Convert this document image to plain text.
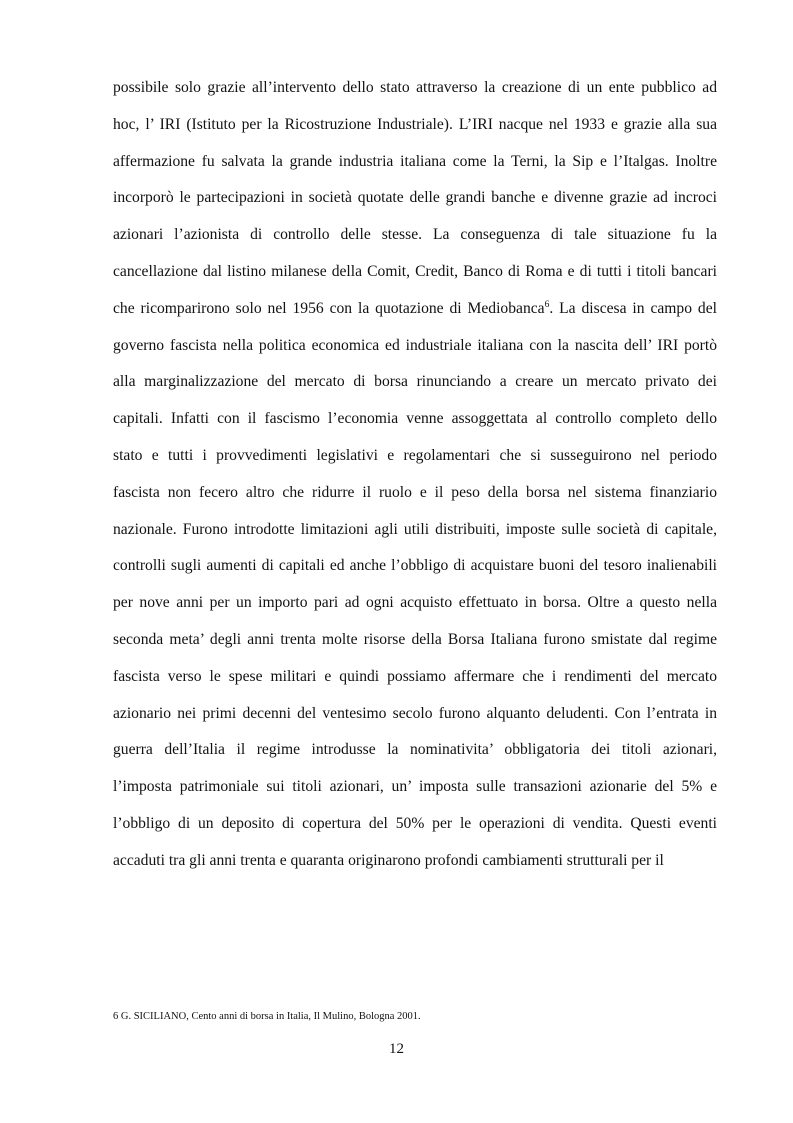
possibile solo grazie all’intervento dello stato attraverso la creazione di un ente pubblico ad
hoc, l’ IRI (Istituto per la Ricostruzione Industriale). L’IRI nacque nel 1933 e grazie alla sua
affermazione fu salvata la grande industria italiana come la Terni, la Sip e l’Italgas. Inoltre
incorporò le partecipazioni in società quotate delle grandi banche e divenne grazie ad incroci
azionari l’azionista di controllo delle stesse. La conseguenza di tale situazione fu la
cancellazione dal listino milanese della Comit, Credit, Banco di Roma e di tutti i titoli bancari
che ricomparirono solo nel 1956 con la quotazione di Mediobanca$^6$. La discesa in campo del
governo fascista nella politica economica ed industriale italiana con la nascita dell’ IRI portò
alla marginalizzazione del mercato di borsa rinunciando a creare un mercato privato dei
capitali. Infatti con il fascismo l’economia venne assoggettata al controllo completo dello
stato e tutti i provvedimenti legislativi e regolamentari che si susseguirono nel periodo
fascista non fecero altro che ridurre il ruolo e il peso della borsa nel sistema finanziario
nazionale. Furono introdotte limitazioni agli utili distribuiti, imposte sulle società di capitale,
controlli sugli aumenti di capitali ed anche l’obbligo di acquistare buoni del tesoro inalienabili
per nove anni per un importo pari ad ogni acquisto effettuato in borsa. Oltre a questo nella
seconda meta’ degli anni trenta molte risorse della Borsa Italiana furono smistate dal regime
fascista verso le spese militari e quindi possiamo affermare che i rendimenti del mercato
azionario nei primi decenni del ventesimo secolo furono alquanto deludenti. Con l’entrata in
guerra dell’Italia il regime introdusse la nominativita’ obbligatoria dei titoli azionari,
l’imposta patrimoniale sui titoli azionari, un’ imposta sulle transazioni azionarie del 5% e
l’obbligo di un deposito di copertura del 50% per le operazioni di vendita. Questi eventi
accaduti tra gli anni trenta e quaranta originarono profondi cambiamenti strutturali per il
6 G. SICILIANO, Cento anni di borsa in Italia, Il Mulino, Bologna 2001.
12
